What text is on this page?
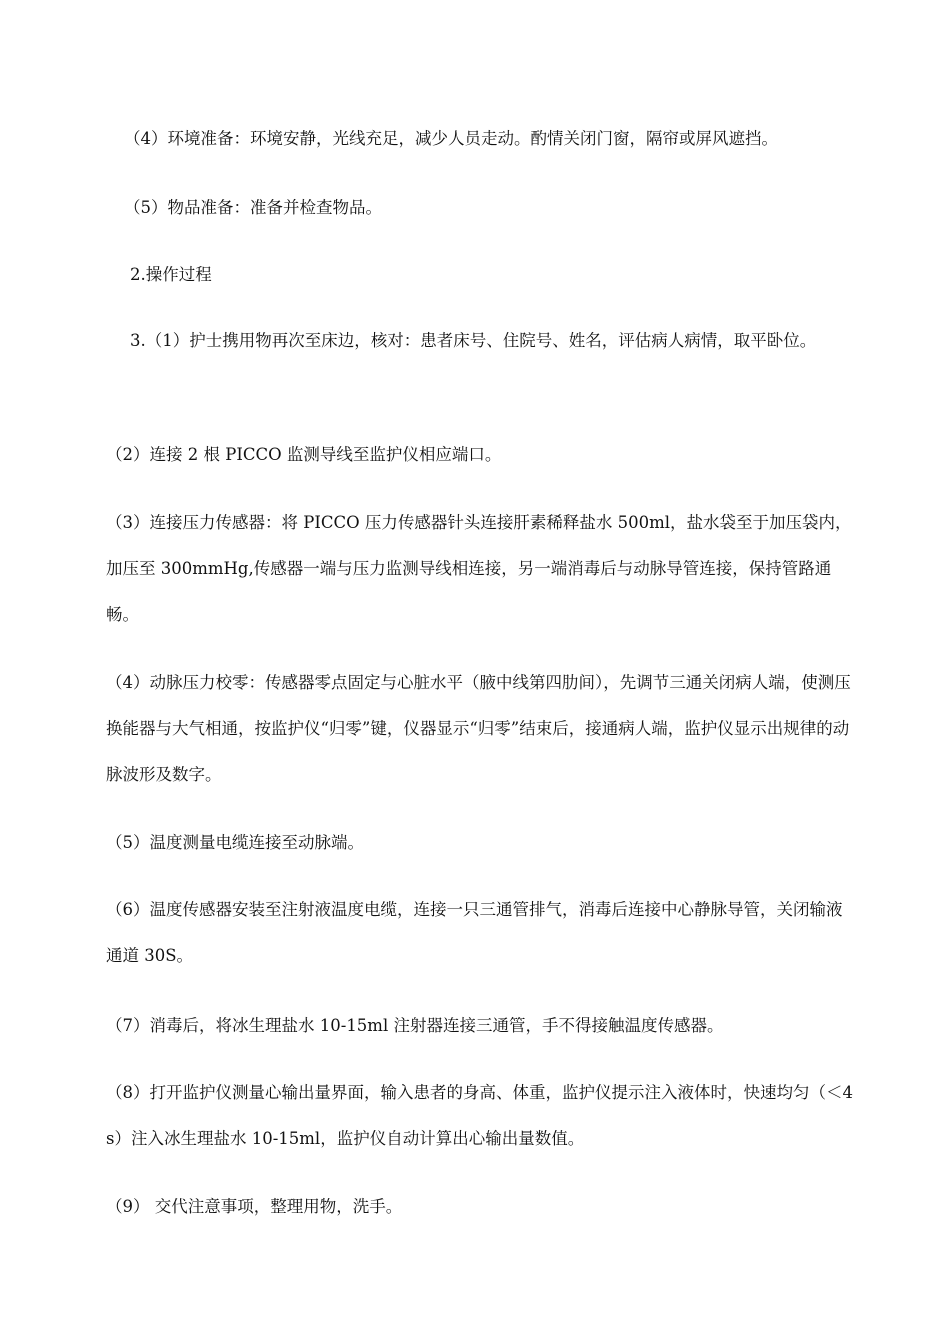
（4）环境准备：环境安静，光线充足，减少人员走动。酌情关闭门窗，隔帘或屏风遮挡。

（5）物品准备：准备并检查物品。

2.操作过程

3.（1）护士携用物再次至床边，核对：患者床号、住院号、姓名，评估病人病情，取平卧位。

（2）连接 2 根 PICCO 监测导线至监护仪相应端口。

（3）连接压力传感器：将 PICCO 压力传感器针头连接肝素稀释盐水 500ml，盐水袋至于加压袋内，加压至 300mmHg,传感器一端与压力监测导线相连接，另一端消毒后与动脉导管连接，保持管路通畅。

（4）动脉压力校零：传感器零点固定与心脏水平（腋中线第四肋间），先调节三通关闭病人端，使测压换能器与大气相通，按监护仪“归零”键，仪器显示“归零”结束后，接通病人端，监护仪显示出规律的动脉波形及数字。

（5）温度测量电缆连接至动脉端。

（6）温度传感器安装至注射液温度电缆，连接一只三通管排气，消毒后连接中心静脉导管，关闭输液通道 30S。

（7）消毒后，将冰生理盐水 10-15ml 注射器连接三通管，手不得接触温度传感器。

（8）打开监护仪测量心输出量界面，输入患者的身高、体重，监护仪提示注入液体时，快速均匀（＜4s）注入冰生理盐水 10-15ml，监护仪自动计算出心输出量数值。

（9） 交代注意事项，整理用物，洗手。
